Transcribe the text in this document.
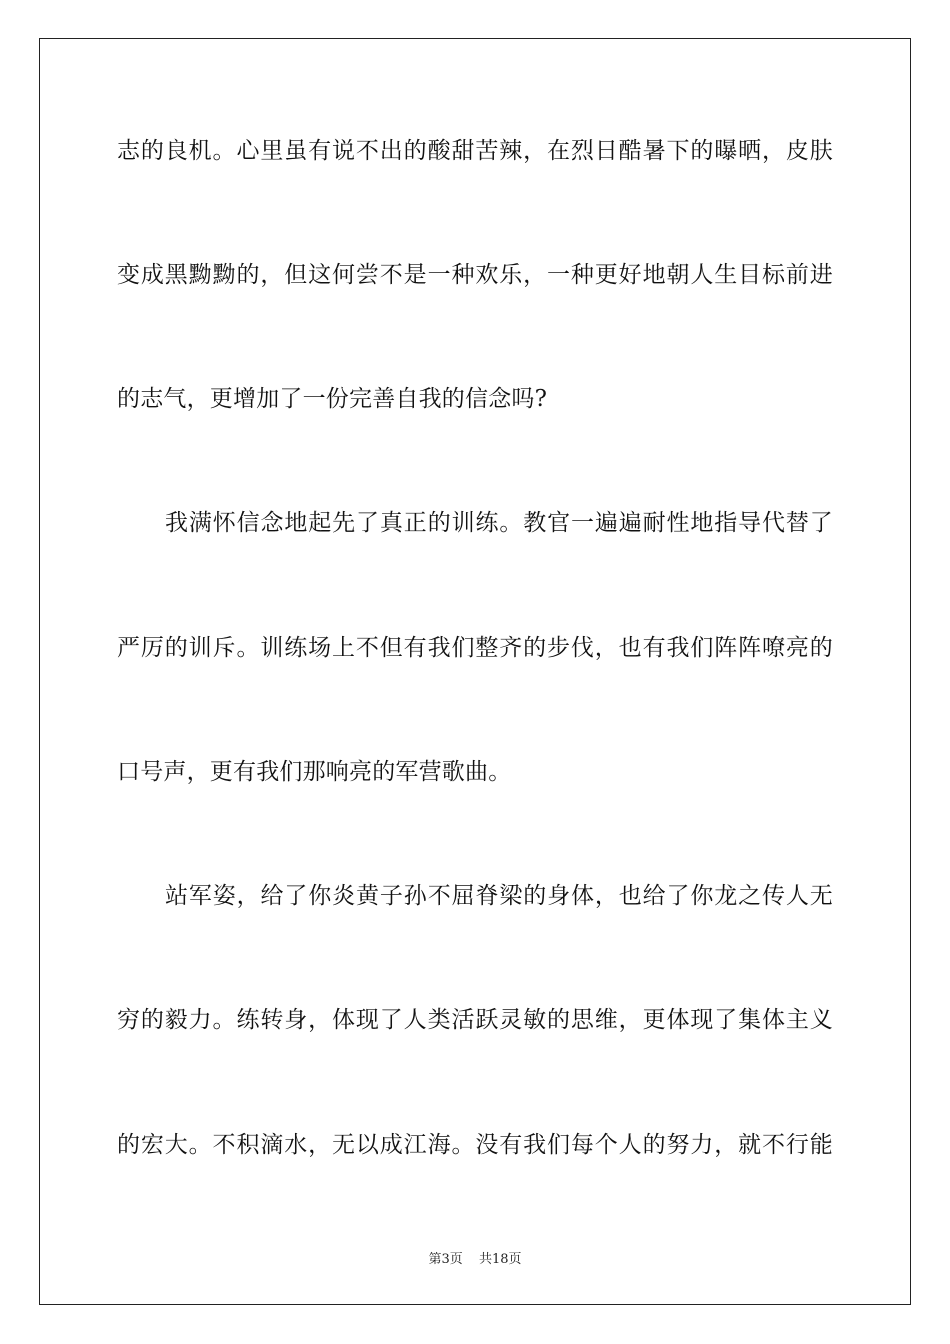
志的良机。心里虽有说不出的酸甜苦辣，在烈日酷暑下的曝晒，皮肤
变成黑黝黝的，但这何尝不是一种欢乐，一种更好地朝人生目标前进
的志气，更增加了一份完善自我的信念吗?
我满怀信念地起先了真正的训练。教官一遍遍耐性地指导代替了
严厉的训斥。训练场上不但有我们整齐的步伐，也有我们阵阵嘹亮的
口号声，更有我们那响亮的军营歌曲。
站军姿，给了你炎黄子孙不屈脊梁的身体，也给了你龙之传人无
穷的毅力。练转身，体现了人类活跃灵敏的思维，更体现了集体主义
的宏大。不积滴水，无以成江海。没有我们每个人的努力，就不行能
第3页 共18页
